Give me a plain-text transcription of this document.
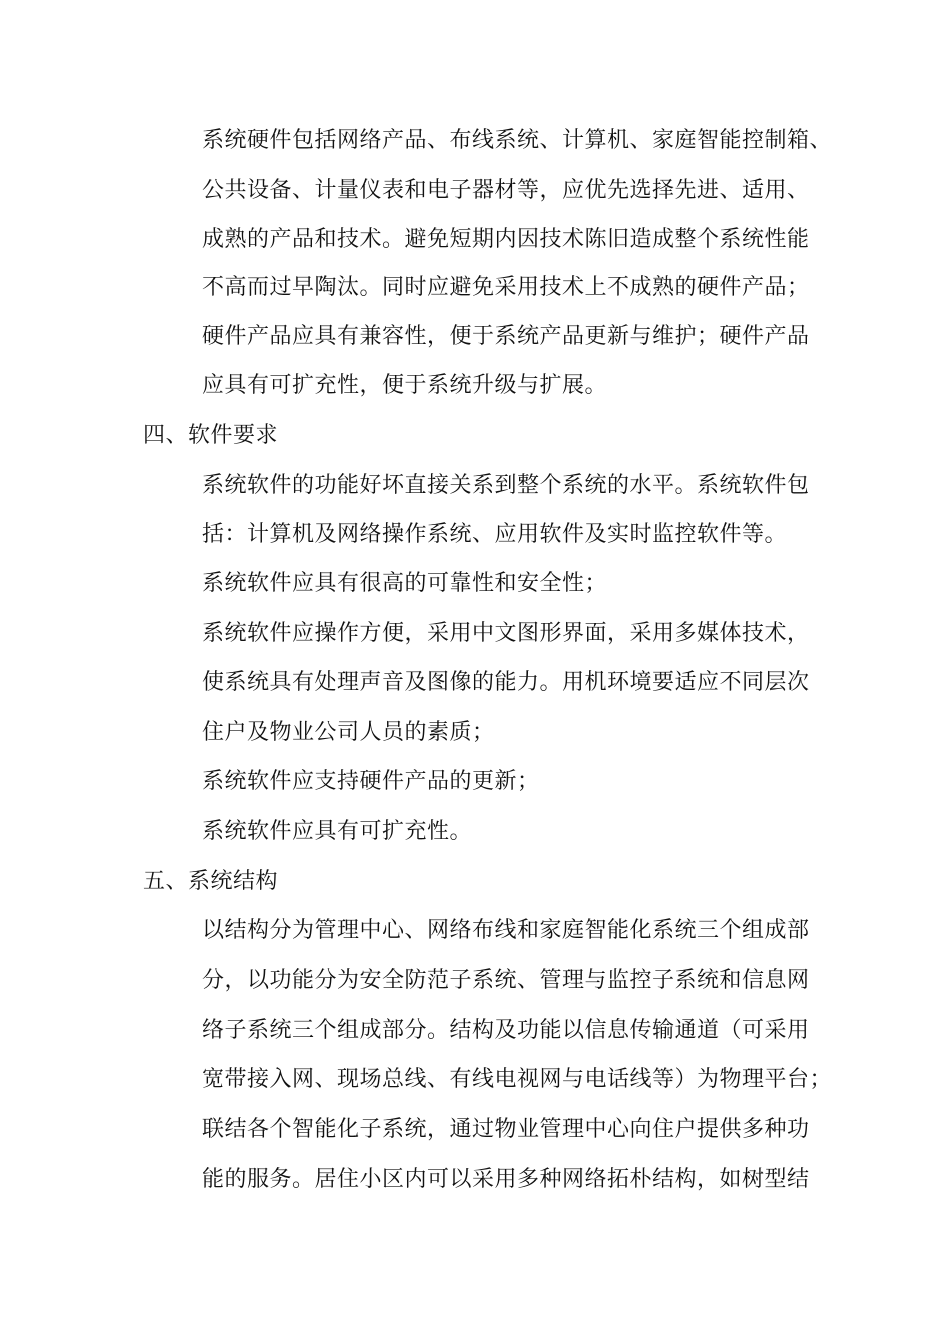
系统硬件包括网络产品、布线系统、计算机、家庭智能控制箱、
公共设备、计量仪表和电子器材等，应优先选择先进、适用、
成熟的产品和技术。避免短期内因技术陈旧造成整个系统性能
不高而过早陶汰。同时应避免采用技术上不成熟的硬件产品；
硬件产品应具有兼容性，便于系统产品更新与维护；硬件产品
应具有可扩充性，便于系统升级与扩展。
四、软件要求
系统软件的功能好坏直接关系到整个系统的水平。系统软件包
括：计算机及网络操作系统、应用软件及实时监控软件等。
系统软件应具有很高的可靠性和安全性；
系统软件应操作方便，采用中文图形界面，采用多媒体技术，
使系统具有处理声音及图像的能力。用机环境要适应不同层次
住户及物业公司人员的素质；
系统软件应支持硬件产品的更新；
系统软件应具有可扩充性。
五、系统结构
以结构分为管理中心、网络布线和家庭智能化系统三个组成部
分，以功能分为安全防范子系统、管理与监控子系统和信息网
络子系统三个组成部分。结构及功能以信息传输通道（可采用
宽带接入网、现场总线、有线电视网与电话线等）为物理平台；
联结各个智能化子系统，通过物业管理中心向住户提供多种功
能的服务。居住小区内可以采用多种网络拓朴结构，如树型结
